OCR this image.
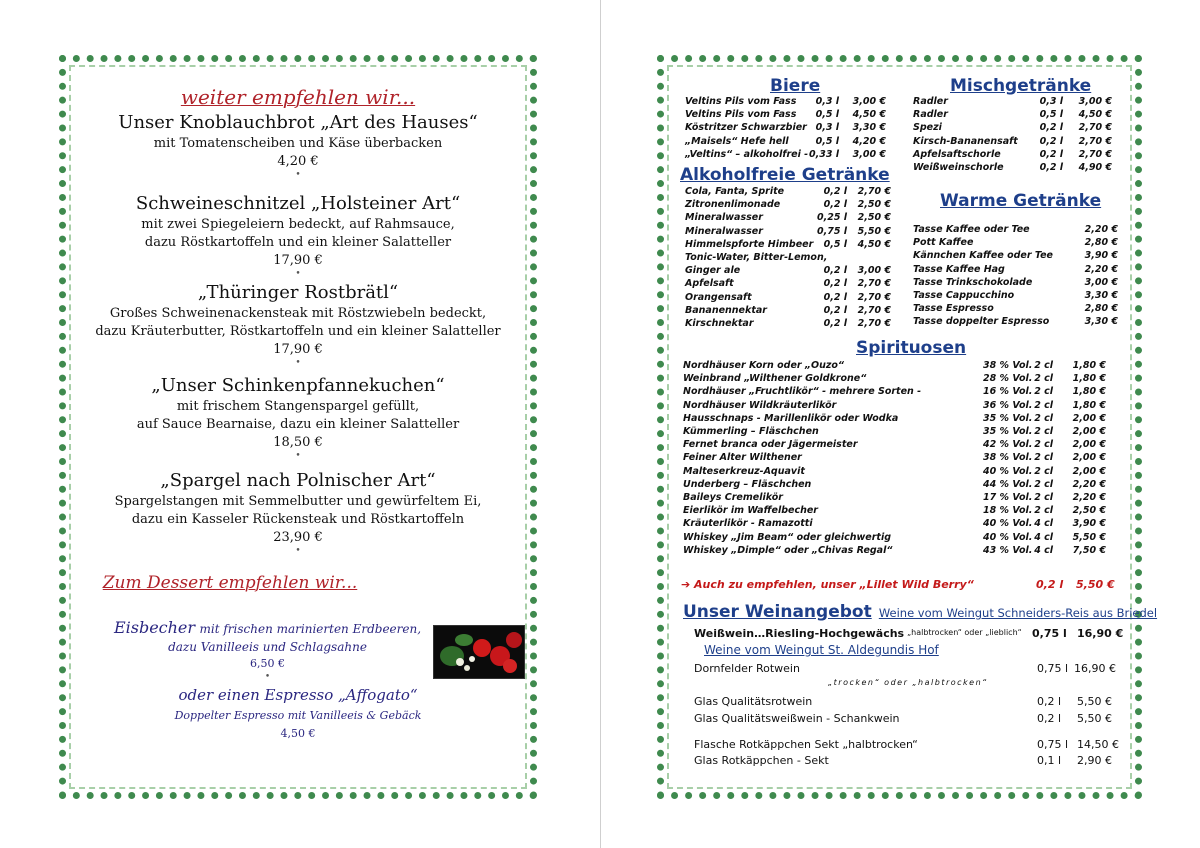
weiter empfehlen wir...
Unser Knoblauchbrot „Art des Hauses“
mit Tomatenscheiben und Käse überbacken
4,20 €
•
Schweineschnitzel „Holsteiner Art“
mit zwei Spiegeleiern bedeckt, auf Rahmsauce,
dazu Röstkartoffeln und ein kleiner Salatteller
17,90 €
•
„Thüringer Rostbrätl“
Großes Schweinenackensteak mit Röstzwiebeln bedeckt,
dazu Kräuterbutter, Röstkartoffeln und ein kleiner Salatteller
17,90 €
•
„Unser Schinkenpfannekuchen“
mit frischem Stangenspargel gefüllt,
auf Sauce Bearnaise, dazu ein kleiner Salatteller
18,50 €
•
„Spargel nach Polnischer Art“
Spargelstangen mit Semmelbutter und gewürfeltem Ei,
dazu ein Kasseler Rückensteak und Röstkartoffeln
23,90 €
•
Zum Dessert empfehlen wir...
Eisbecher mit frischen marinierten Erdbeeren,
dazu Vanilleeis und Schlagsahne
6,50 €
•
oder einen Espresso „Affogato“
Doppelter Espresso mit Vanilleeis & Gebäck
4,50 €
Biere	Mischgetränke
Alkoholfreie Getränke
Warme Getränke
Spirituosen
Veltins Pils vom Fass	0,3 l	3,00 €
Veltins Pils vom Fass	0,5 l	4,50 €
Köstritzer Schwarzbier 0,3 l	3,30 €
„Maisels“ Hefe hell	0,5 l	4,20 €
„Veltins“ – alkoholfrei - 0,33 l	3,00 €
Radler	0,3 l	3,00 €
Radler	0,5 l	4,50 €
Spezi	0,2 l	2,70 €
Kirsch-Bananensaft	0,2 l	2,70 €
Apfelsaftschorle	0,2 l	2,70 €
Weißweinschorle	0,2 l	4,90 €
Cola, Fanta, Sprite	0,2 l	2,70 €
Zitronenlimonade	0,2 l	2,50 €
Mineralwasser	0,25 l	2,50 €
Mineralwasser	0,75 l	5,50 €
Himmelspforte Himbeer	0,5 l	4,50 €
Tonic-Water, Bitter-Lemon,
Ginger ale	0,2 l	3,00 €
Apfelsaft	0,2 l	2,70 €
Orangensaft	0,2 l	2,70 €
Bananennektar	0,2 l	2,70 €
Kirschnektar	0,2 l	2,70 €
Tasse Kaffee oder Tee	2,20 €
Pott Kaffee	2,80 €
Kännchen Kaffee oder Tee	3,90 €
Tasse Kaffee Hag	2,20 €
Tasse Trinkschokolade	3,00 €
Tasse Cappucchino	3,30 €
Tasse Espresso	2,80 €
Tasse doppelter Espresso	3,30 €
Nordhäuser Korn oder „Ouzo“	38 % Vol. 2 cl	1,80 €
Weinbrand „Wilthener Goldkrone“	28 % Vol. 2 cl	1,80 €
Nordhäuser „Fruchtlikör“ - mehrere Sorten -	16 % Vol. 2 cl	1,80 €
Nordhäuser Wildkräuterlikör	36 % Vol. 2 cl	1,80 €
Hausschnaps - Marillenlikör oder Wodka	35 % Vol. 2 cl	2,00 €
Kümmerling – Fläschchen	35 % Vol. 2 cl	2,00 €
Fernet branca oder Jägermeister	42 % Vol. 2 cl	2,00 €
Feiner Alter Wilthener	38 % Vol. 2 cl	2,00 €
Malteserkreuz-Aquavit	40 % Vol. 2 cl	2,00 €
Underberg – Fläschchen	44 % Vol. 2 cl	2,20 €
Baileys Cremelikör	17 % Vol. 2 cl	2,20 €
Eierlikör im Waffelbecher	18 % Vol. 2 cl	2,50 €
Kräuterlikör - Ramazotti	40 % Vol. 4 cl	3,90 €
Whiskey „Jim Beam“ oder gleichwertig	40 % Vol. 4 cl	5,50 €
Whiskey „Dimple“ oder „Chivas Regal“	43 % Vol. 4 cl	7,50 €
➔ Auch zu empfehlen, unser „Lillet Wild Berry“	0,2 l 5,50 €
Unser Weinangebot Weine vom Weingut Schneiders-Reis aus Briedel
Weißwein…Riesling-Hochgewächs „halbtrocken“ oder „lieblich“ 0,75 l 16,90 €
Weine vom Weingut St. Aldegundis Hof
Dornfelder Rotwein	0,75 l 16,90 €
„trocken“ oder „halbtrocken“
Glas Qualitätsrotwein	0,2 l 5,50 €
Glas Qualitätsweißwein - Schankwein	0,2 l 5,50 €
Flasche Rotkäppchen Sekt „halbtrocken“	0,75 l 14,50 €
Glas Rotkäppchen - Sekt	0,1 l 2,90 €
